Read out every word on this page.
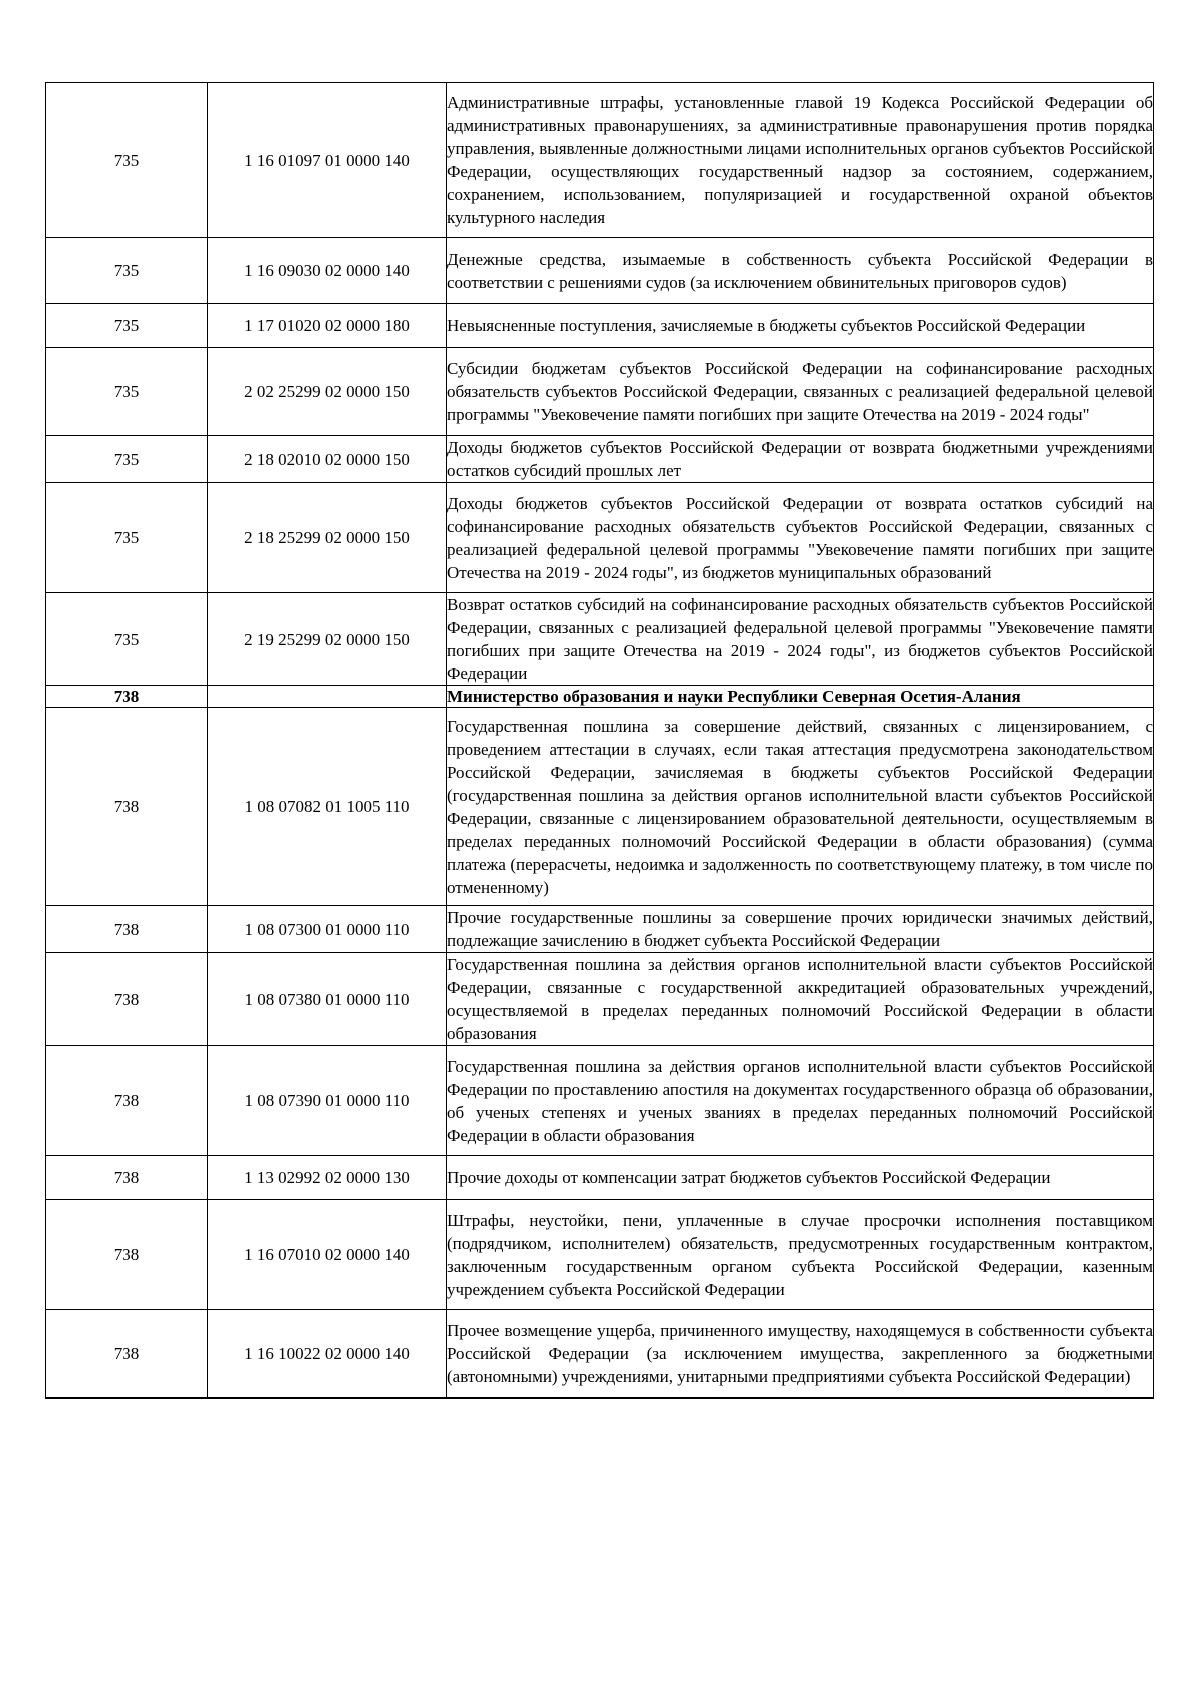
735	1 16 01097 01 0000 140	Административные штрафы, установленные главой 19 Кодекса Российской Федерации об административных правонарушениях, за административные правонарушения против порядка управления, выявленные должностными лицами исполнительных органов субъектов Российской Федерации, осуществляющих государственный надзор за состоянием, содержанием, сохранением, использованием, популяризацией и государственной охраной объектов культурного наследия
735	1 16 09030 02 0000 140	Денежные средства, изымаемые в собственность субъекта Российской Федерации в соответствии с решениями судов (за исключением обвинительных приговоров судов)
735	1 17 01020 02 0000 180	Невыясненные поступления, зачисляемые в бюджеты субъектов Российской Федерации
735	2 02 25299 02 0000 150	Субсидии бюджетам субъектов Российской Федерации на софинансирование расходных обязательств субъектов Российской Федерации, связанных с реализацией федеральной целевой программы "Увековечение памяти погибших при защите Отечества на 2019 - 2024 годы"
735	2 18 02010 02 0000 150	Доходы бюджетов субъектов Российской Федерации от возврата бюджетными учреждениями остатков субсидий прошлых лет
735	2 18 25299 02 0000 150	Доходы бюджетов субъектов Российской Федерации от возврата остатков субсидий на софинансирование расходных обязательств субъектов Российской Федерации, связанных с реализацией федеральной целевой программы "Увековечение памяти погибших при защите Отечества на 2019 - 2024 годы", из бюджетов муниципальных образований
735	2 19 25299 02 0000 150	Возврат остатков субсидий на софинансирование расходных обязательств субъектов Российской Федерации, связанных с реализацией федеральной целевой программы "Увековечение памяти погибших при защите Отечества на 2019 - 2024 годы", из бюджетов субъектов Российской Федерации
738		Министерство образования и науки Республики Северная Осетия-Алания
738	1 08 07082 01 1005 110	Государственная пошлина за совершение действий, связанных с лицензированием, с проведением аттестации в случаях, если такая аттестация предусмотрена законодательством Российской Федерации, зачисляемая в бюджеты субъектов Российской Федерации (государственная пошлина за действия органов исполнительной власти субъектов Российской Федерации, связанные с лицензированием образовательной деятельности, осуществляемым в пределах переданных полномочий Российской Федерации в области образования) (сумма платежа (перерасчеты, недоимка и задолженность по соответствующему платежу, в том числе по отмененному)
738	1 08 07300 01 0000 110	Прочие государственные пошлины за совершение прочих юридически значимых действий, подлежащие зачислению в бюджет субъекта Российской Федерации
738	1 08 07380 01 0000 110	Государственная пошлина за действия органов исполнительной власти субъектов Российской Федерации, связанные с государственной аккредитацией образовательных учреждений, осуществляемой в пределах переданных полномочий Российской Федерации в области образования
738	1 08 07390 01 0000 110	Государственная пошлина за действия органов исполнительной власти субъектов Российской Федерации по проставлению апостиля на документах государственного образца об образовании, об ученых степенях и ученых званиях в пределах переданных полномочий Российской Федерации в области образования
738	1 13 02992 02 0000 130	Прочие доходы от компенсации затрат бюджетов субъектов Российской Федерации
738	1 16 07010 02 0000 140	Штрафы, неустойки, пени, уплаченные в случае просрочки исполнения поставщиком (подрядчиком, исполнителем) обязательств, предусмотренных государственным контрактом, заключенным государственным органом субъекта Российской Федерации, казенным учреждением субъекта Российской Федерации
738	1 16 10022 02 0000 140	Прочее возмещение ущерба, причиненного имуществу, находящемуся в собственности субъекта Российской Федерации (за исключением имущества, закрепленного за бюджетными (автономными) учреждениями, унитарными предприятиями субъекта Российской Федерации)
